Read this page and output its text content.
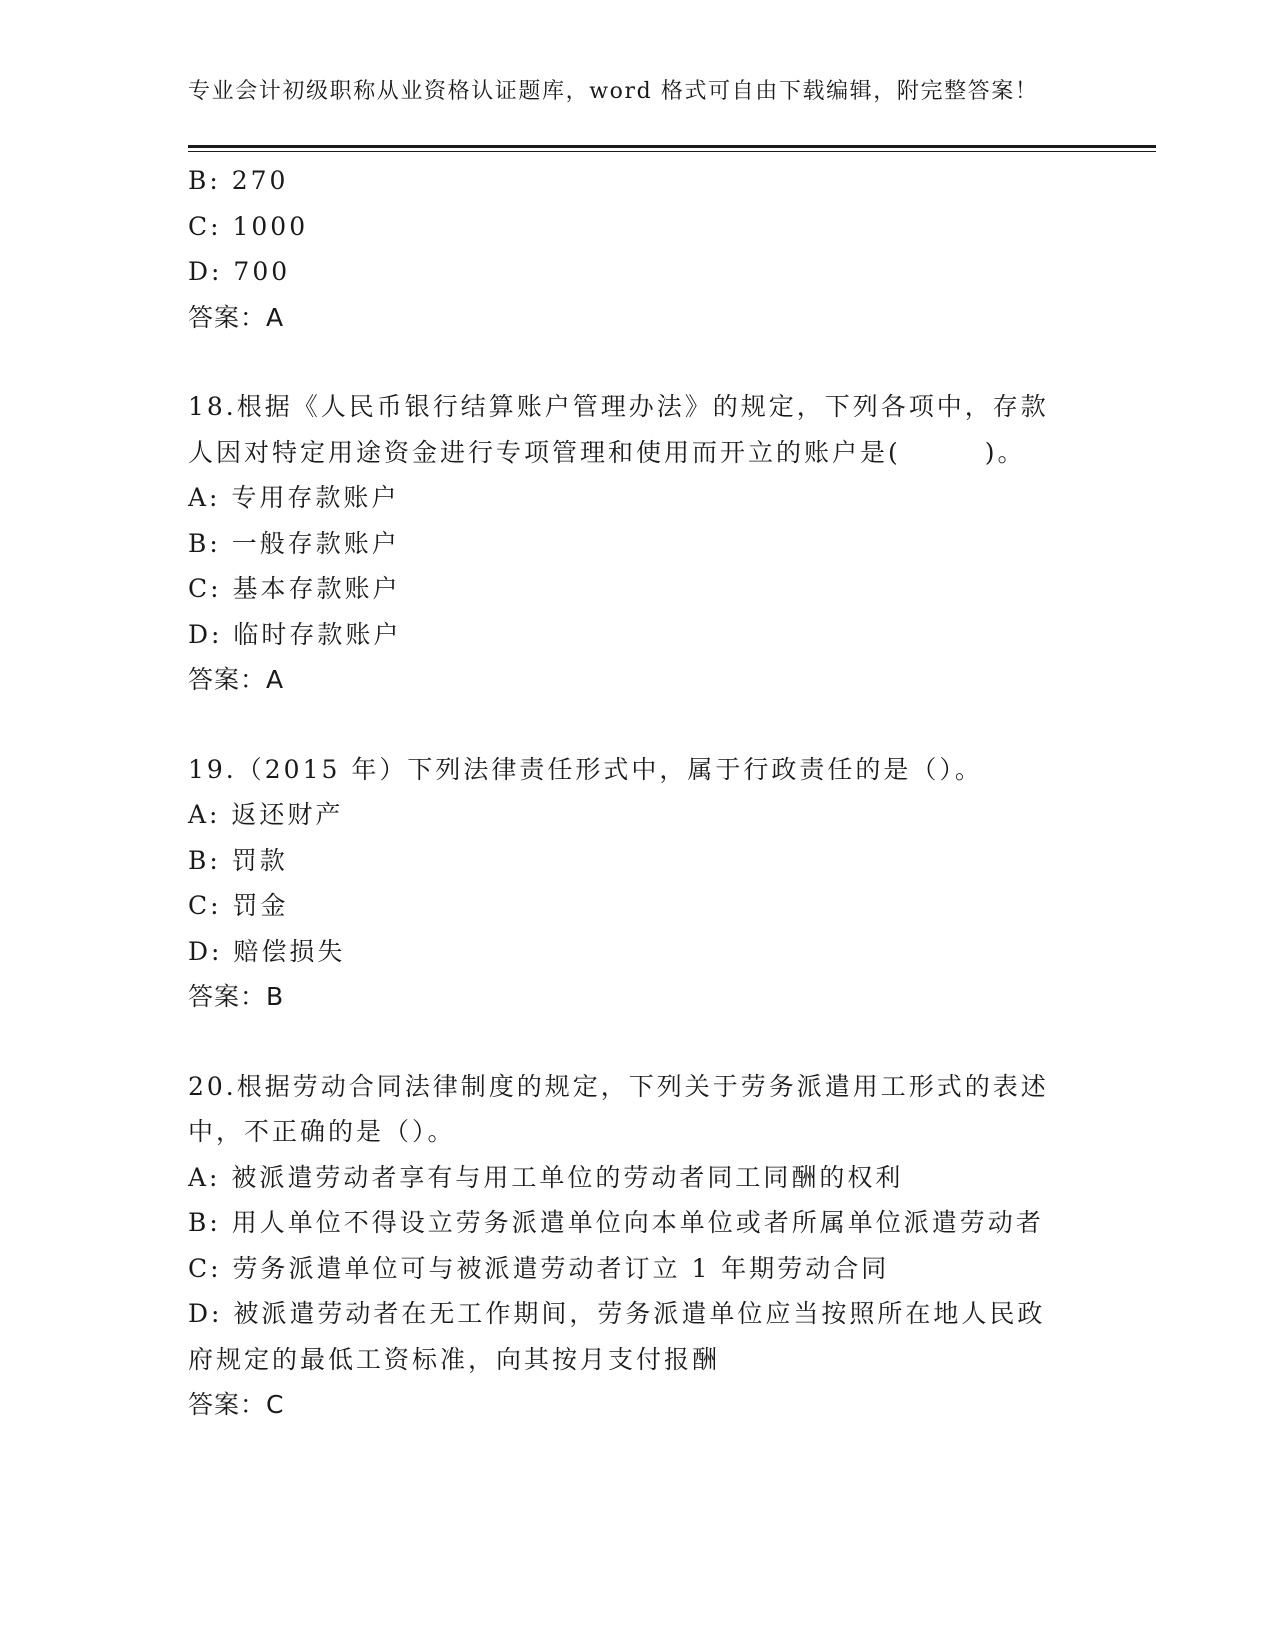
专业会计初级职称从业资格认证题库，word 格式可自由下载编辑，附完整答案！
B: 270
C: 1000
D: 700
答案：A
18.根据《人民币银行结算账户管理办法》的规定，下列各项中，存款
人因对特定用途资金进行专项管理和使用而开立的账户是(　　　)。
A: 专用存款账户
B: 一般存款账户
C: 基本存款账户
D: 临时存款账户
答案：A
19.（2015 年）下列法律责任形式中，属于行政责任的是（）。
A: 返还财产
B: 罚款
C: 罚金
D: 赔偿损失
答案：B
20.根据劳动合同法律制度的规定，下列关于劳务派遣用工形式的表述
中，不正确的是（）。
A: 被派遣劳动者享有与用工单位的劳动者同工同酬的权利
B: 用人单位不得设立劳务派遣单位向本单位或者所属单位派遣劳动者
C: 劳务派遣单位可与被派遣劳动者订立 1 年期劳动合同
D: 被派遣劳动者在无工作期间，劳务派遣单位应当按照所在地人民政
府规定的最低工资标准，向其按月支付报酬
答案：C
